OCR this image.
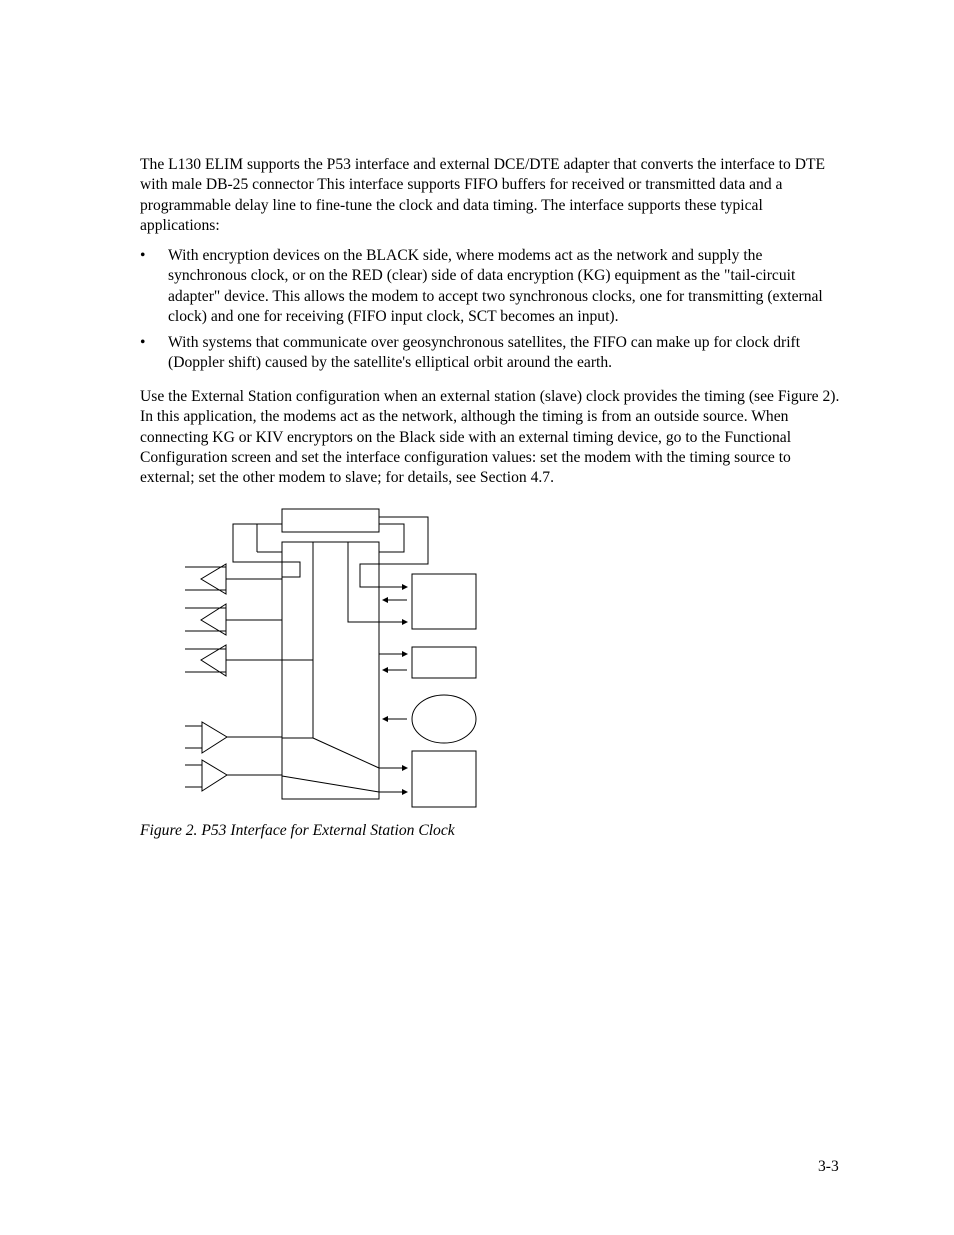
The L130 ELIM supports the P53 interface and external DCE/DTE adapter that converts the interface to DTE with male DB-25 connector This interface supports FIFO buffers for received or transmitted data and a programmable delay line to fine-tune the clock and data timing. The interface supports these typical applications:

• With encryption devices on the BLACK side, where modems act as the network and supply the synchronous clock, or on the RED (clear) side of data encryption (KG) equipment as the "tail-circuit adapter" device. This allows the modem to accept two synchronous clocks, one for transmitting (external clock) and one for receiving (FIFO input clock, SCT becomes an input).
• With systems that communicate over geosynchronous satellites, the FIFO can make up for clock drift (Doppler shift) caused by the satellite's elliptical orbit around the earth.

Use the External Station configuration when an external station (slave) clock provides the timing (see Figure 2). In this application, the modems act as the network, although the timing is from an outside source. When connecting KG or KIV encryptors on the Black side with an external timing device, go to the Functional Configuration screen and set the interface configuration values: set the modem with the timing source to external; set the other modem to slave; for details, see Section 4.7.

Figure 2. P53 Interface for External Station Clock
3-3
